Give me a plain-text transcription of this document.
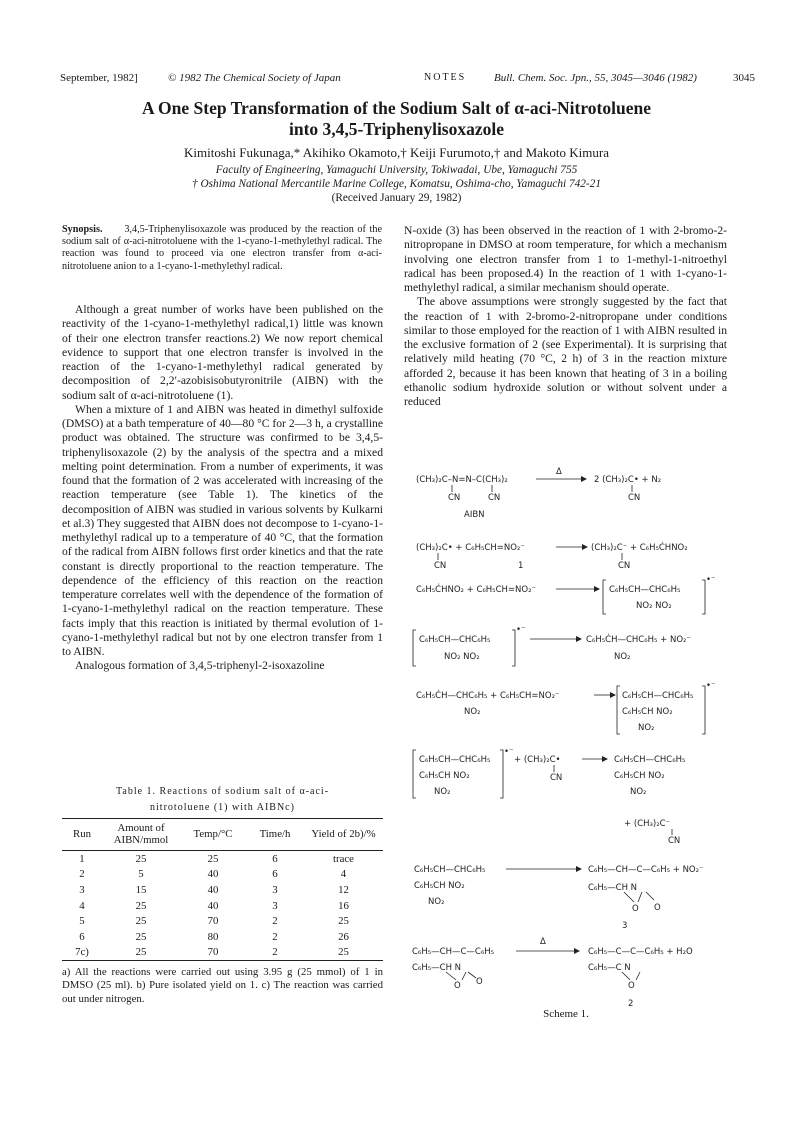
September, 1982]	© 1982 The Chemical Society of Japan	NOTES	Bull. Chem. Soc. Jpn., 55, 3045—3046 (1982)	3045
A One Step Transformation of the Sodium Salt of α-aci-Nitrotoluene
into 3,4,5-Triphenylisoxazole
Kimitoshi Fukunaga,* Akihiko Okamoto,† Keiji Furumoto,† and Makoto Kimura
Faculty of Engineering, Yamaguchi University, Tokiwadai, Ube, Yamaguchi 755
† Oshima National Mercantile Marine College, Komatsu, Oshima-cho, Yamaguchi 742-21
(Received January 29, 1982)
Synopsis. 3,4,5-Triphenylisoxazole was produced by the reaction of the sodium salt of α-aci-nitrotoluene with the 1-cyano-1-methylethyl radical. The reaction was found to proceed via one electron transfer from α-aci-nitrotoluene anion to a 1-cyano-1-methylethyl radical.

Although a great number of works have been published on the reactivity of the 1-cyano-1-methylethyl radical,1) little was known of their one electron transfer reactions.2) We now report chemical evidence to support that one electron transfer is involved in the reaction of the 1-cyano-1-methylethyl radical generated by decomposition of 2,2′-azobisisobutyronitrile (AIBN) with the sodium salt of α-aci-nitrotoluene (1).

When a mixture of 1 and AIBN was heated in dimethyl sulfoxide (DMSO) at a bath temperature of 40—80 °C for 2—3 h, a crystalline product was obtained. The structure was confirmed to be 3,4,5-triphenylisoxazole (2) by the analysis of the spectra and a mixed melting point determination. From a number of experiments, it was found that the formation of 2 was accelerated with increasing of the reaction temperature (see Table 1). The kinetics of the decomposition of AIBN was studied in various solvents by Kulkarni et al.3) They suggested that AIBN does not decompose to 1-cyano-1-methylethyl radical up to a temperature of 40 °C, that the formation of the radical from AIBN follows first order kinetics and that the rate constant is directly proportional to the reaction temperature. The dependence of the efficiency of this reaction on the reaction temperature correlates well with the dependence of the formation of 1-cyano-1-methylethyl radical on the reaction temperature. These facts imply that this reaction is initiated by thermal evolution of 1-cyano-1-methylethyl radical but not by one electron transfer from 1 to AIBN.

Analogous formation of 3,4,5-triphenyl-2-isoxazoline

N-oxide (3) has been observed in the reaction of 1 with 2-bromo-2-nitropropane in DMSO at room temperature, for which a mechanism involving one electron transfer from 1 to 1-methyl-1-nitroethyl radical has been proposed.4) In the reaction of 1 with 1-cyano-1-methylethyl radical, a similar mechanism should operate.

The above assumptions were strongly suggested by the fact that the reaction of 1 with 2-bromo-2-nitropropane under conditions similar to those employed for the reaction of 1 with AIBN resulted in the exclusive formation of 2 (see Experimental). It is surprising that relatively mild heating (70 °C, 2 h) of 3 in the reaction mixture afforded 2, because it has been known that heating of 3 in a boiling ethanolic sodium hydroxide solution or without solvent under a reduced

Table 1. Reactions of sodium salt of α-aci-
nitrotoluene (1) with AIBNc)
Run	Amount of AIBN/mmol	Temp/°C	Time/h	Yield of 2b)/%
1	25	25	6	trace
2	5	40	6	4
3	15	40	3	12
4	25	40	3	16
5	25	70	2	25
6	25	80	2	26
7c)	25	70	2	25
a) All the reactions were carried out using 3.95 g (25 mmol) of 1 in DMSO (25 ml). b) Pure isolated yield on 1. c) The reaction was carried out under nitrogen.
(CH₃)₂C–N=N–C(CH₃)₂
CN	CN
AIBN
Δ
2 (CH₃)₂C• + N₂
CN
(CH₃)₂C• + C₆H₅CH=NO₂⁻
CN	1
(CH₃)₂C⁻ + C₆H₅ĊHNO₂
CN
C₆H₅ĊHNO₂ + C₆H₅CH=NO₂⁻	C₆H₅CH—CHC₆H₅
NO₂ NO₂
•⁻
C₆H₅CH—CHC₆H₅
NO₂ NO₂
•⁻
C₆H₅ĊH—CHC₆H₅ + NO₂⁻
NO₂
C₆H₅ĊH—CHC₆H₅ + C₆H₅CH=NO₂⁻
NO₂
C₆H₅CH—CHC₆H₅
C₆H₅CH NO₂
NO₂
•⁻
C₆H₅CH—CHC₆H₅
C₆H₅CH NO₂
NO₂
•⁻
+ (CH₃)₂C•
CN
C₆H₅CH—CHC₆H₅
C₆H₅CH NO₂
NO₂
+ (CH₃)₂C⁻
CN
C₆H₅CH—CHC₆H₅
C₆H₅CH NO₂
NO₂
C₆H₅—CH—C—C₆H₅ + NO₂⁻
C₆H₅—CH N
O O
3
C₆H₅—CH—C—C₆H₅
C₆H₅—CH N
O O
Δ
C₆H₅—C—C—C₆H₅ + H₂O
C₆H₅—C N
O
2
Scheme 1.
